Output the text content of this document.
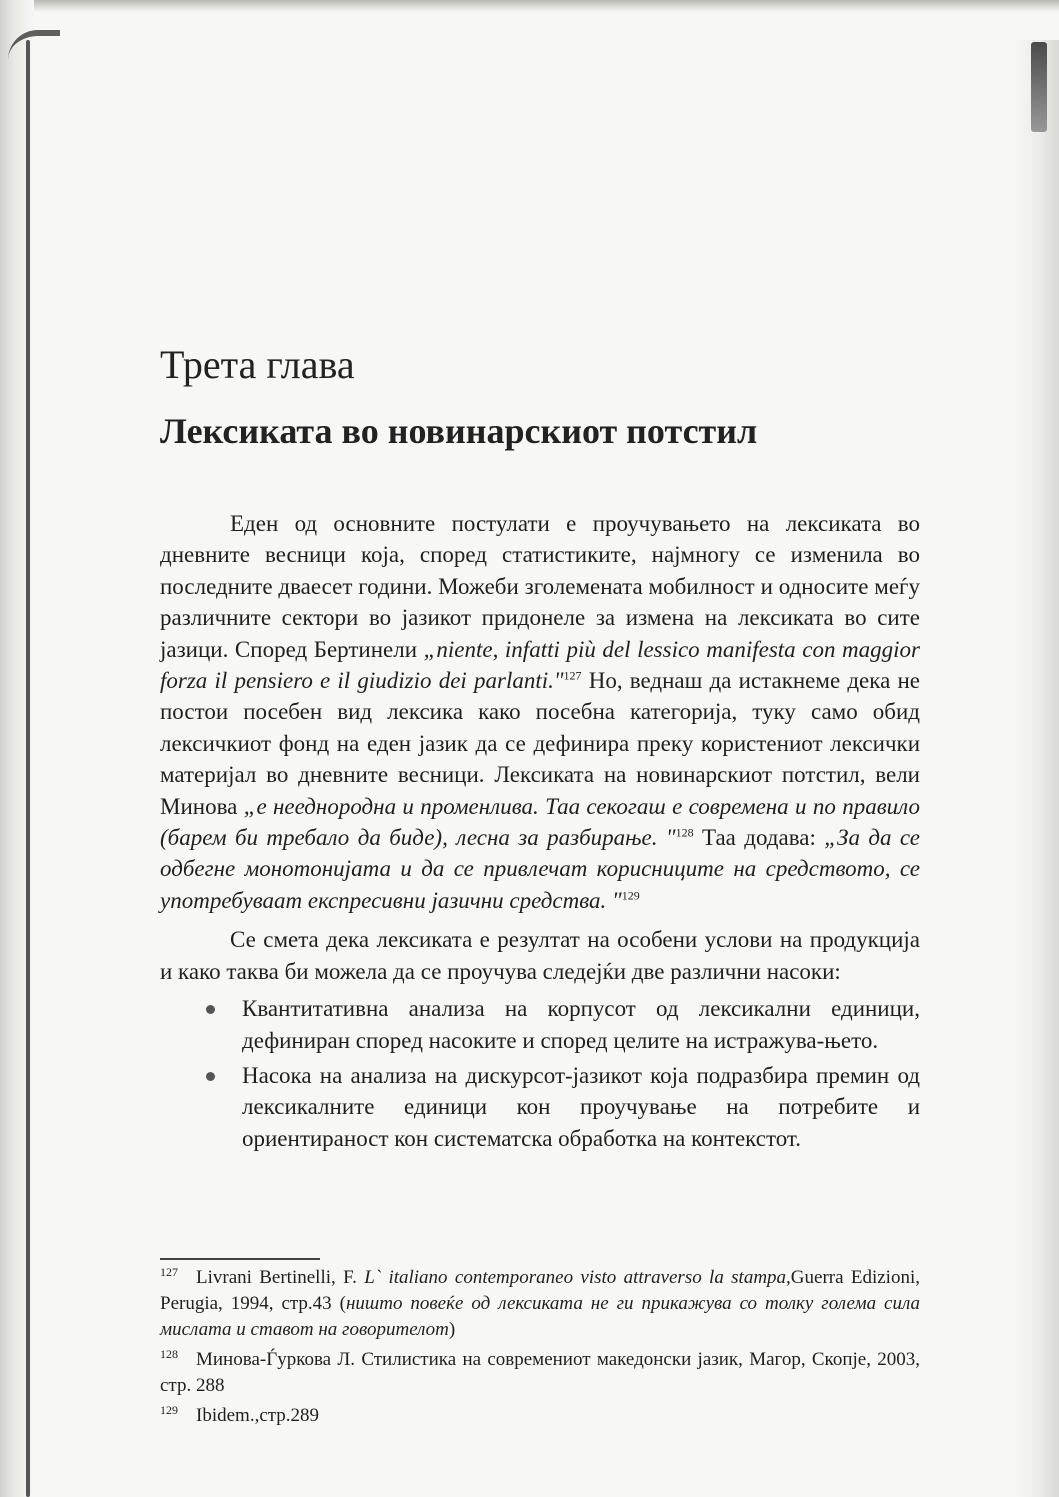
Трета глава
Лексиката во новинарскиот потстил

Еден од основните постулати е проучувањето на лексиката во дневните весници која, според статистиките, најмногу се изменила во последните дваесет години. Можеби зголемената мобилност и односите меѓу различните сектори во јазикот придонеле за измена на лексиката во сите јазици. Според Бертинели „niente, infatti più del lessico manifesta con maggior forza il pensiero e il giudizio dei parlanti."$^{127}$ Но, веднаш да истакнеме дека не постои посебен вид лексика како посебна категорија, туку само обид лексичкиот фонд на еден јазик да се дефинира преку користениот лексички материјал во дневните весници. Лексиката на новинарскиот потстил, вели Минова „е нееднородна и променлива. Таа секогаш е современа и по правило (барем би требало да биде), лесна за разбирање. "$^{128}$ Таа додава: „За да се одбегне монотонијата и да се привлечат корисниците на средството, се употребуваат експресивни јазични средства. "$^{129}$

Се смета дека лексиката е резултат на особени услови на продукција и како таква би можела да се проучува следејќи две различни насоки:

Квантитативна анализа на корпусот од лексикални единици, дефиниран според насоките и според целите на истражува-њето.
Насока на анализа на дискурсот-јазикот која подразбира премин од лексикалните единици кон проучувањe на потребите и ориентираност кон систематска обработка на контекстот.

$^{127}$ Livrani Bertinelli, F. L` italiano contemporaneo visto attraverso la stampa,Guerra Edizioni, Perugia, 1994, стр.43 (ништо повеќе од лексиката не ги прикажува со толку голема сила мислата и ставот на говорителот)

$^{128}$ Минова-Ѓуркова Л. Стилистика на современиот македонски јазик, Магор, Скопје, 2003, стр. 288

$^{129}$ Ibidem.,стр.289
